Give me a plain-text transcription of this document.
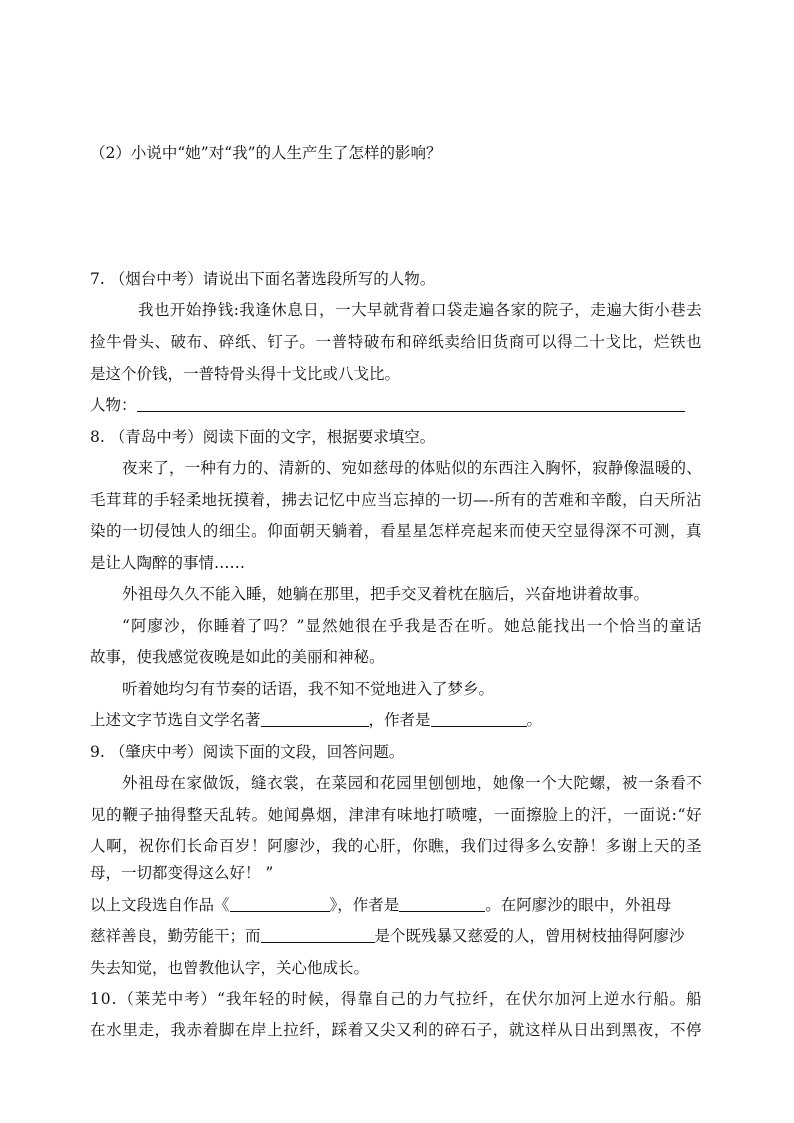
（2）小说中“她”对“我”的人生产生了怎样的影响？
7. （烟台中考）请说出下面名著选段所写的人物。
我 也 开 始 挣 钱 : 我 逢 休 息 日 ， 一 大 早 就 背 着 口 袋 走 遍 各 家 的 院 子 ， 走 遍 大 街 小 巷 去
捡 牛 骨 头 、 破 布 、 碎 纸 、 钉 子 。 一 普 特 破 布 和 碎 纸 卖 给 旧 货 商 可 以 得 二 十 戈 比 ， 烂 铁 也
是这个价钱，一普特骨头得十戈比或八戈比。
人物：
8. （青岛中考）阅读下面的文字，根据要求填空。
夜 来 了 ， 一 种 有 力 的 、 清 新 的 、 宛 如 慈 母 的 体 贴 似 的 东 西 注 入 胸 怀 ， 寂 静 像 温 暖 的 、
毛 茸 茸 的 手 轻 柔 地 抚 摸 着 ， 拂 去 记 忆 中 应 当 忘 掉 的 一 切 — - 所 有 的 苦 难 和 辛 酸 ， 白 天 所 沾
染 的 一 切 侵 蚀 人 的 细 尘 。 仰 面 朝 天 躺 着 ， 看 星 星 怎 样 亮 起 来 而 使 天 空 显 得 深 不 可 测 ， 真
是让人陶醉的事情……
外祖母久久不能入睡，她躺在那里，把手交叉着枕在脑后，兴奋地讲着故事。
“ 阿 廖 沙 ， 你 睡 着 了 吗 ？ ” 显 然 她 很 在 乎 我 是 否 在 听 。 她 总 能 找 出 一 个 恰 当 的 童 话
故事，使我感觉夜晚是如此的美丽和神秘。
听着她均匀有节奏的话语，我不知不觉地进入了梦乡。
上述文字节选自文学名著	，作者是	。
9. （肇庆中考）阅读下面的文段，回答问题。
外 祖 母 在 家 做 饭 ， 缝 衣 裳 ， 在 菜 园 和 花 园 里 刨 刨 地 ， 她 像 一 个 大 陀 螺 ， 被 一 条 看 不
见 的 鞭 子 抽 得 整 天 乱 转 。 她 闻 鼻 烟 ， 津 津 有 味 地 打 喷 嚏 ， 一 面 擦 脸 上 的 汗 ， 一 面 说 : “ 好
人 啊 ， 祝 你 们 长 命 百 岁 ！ 阿 廖 沙 ， 我 的 心 肝 ， 你 瞧 ， 我 们 过 得 多 么 安 静 ！ 多 谢 上 天 的 圣
母，一切都变得这么好！ ”
以上文段选自作品《	》，作者是	。在阿廖沙的眼中，外祖母
慈祥善良，勤劳能干；而	是个既残暴又慈爱的人，曾用树枝抽得阿廖沙
失去知觉，也曾教他认字，关心他成长。
1 0 . （ 莱 芜 中 考 ） “ 我 年 轻 的 时 候 ， 得 靠 自 己 的 力 气 拉 纤 ， 在 伏 尔 加 河 上 逆 水 行 船 。 船
在 水 里 走 ， 我 赤 着 脚 在 岸 上 拉 纤 ， 踩 着 又 尖 又 利 的 碎 石 子 ， 就 这 样 从 日 出 到 黑 夜 ， 不 停
